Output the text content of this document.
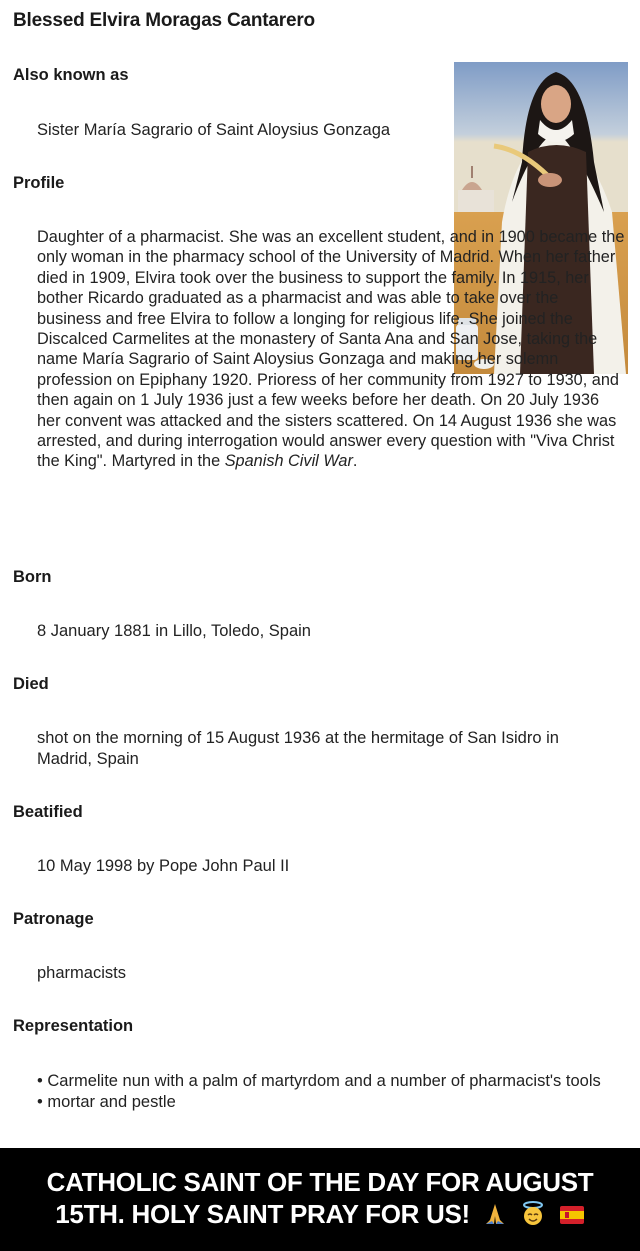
Blessed Elvira Moragas Cantarero
Also known as
Sister María Sagrario of Saint Aloysius Gonzaga
Profile
Daughter of a pharmacist. She was an excellent student, and in 1900 became the only woman in the pharmacy school of the University of Madrid. When her father died in 1909, Elvira took over the business to support the family. In 1915, her bother Ricardo graduated as a pharmacist and was able to take over the business and free Elvira to follow a longing for religious life. She joined the Discalced Carmelites at the monastery of Santa Ana and San Jose, taking the name María Sagrario of Saint Aloysius Gonzaga and making her solemn profession on Epiphany 1920. Prioress of her community from 1927 to 1930, and then again on 1 July 1936 just a few weeks before her death. On 20 July 1936 her convent was attacked and the sisters scattered. On 14 August 1936 she was arrested, and during interrogation would answer every question with "Viva Christ the King". Martyred in the Spanish Civil War.
Born
8 January 1881 in Lillo, Toledo, Spain
Died
shot on the morning of 15 August 1936 at the hermitage of San Isidro in Madrid, Spain
Beatified
10 May 1998 by Pope John Paul II
Patronage
pharmacists
Representation
• Carmelite nun with a palm of martyrdom and a number of pharmacist's tools
• mortar and pestle
CATHOLIC SAINT OF THE DAY FOR AUGUST
15TH. HOLY SAINT PRAY FOR US!
